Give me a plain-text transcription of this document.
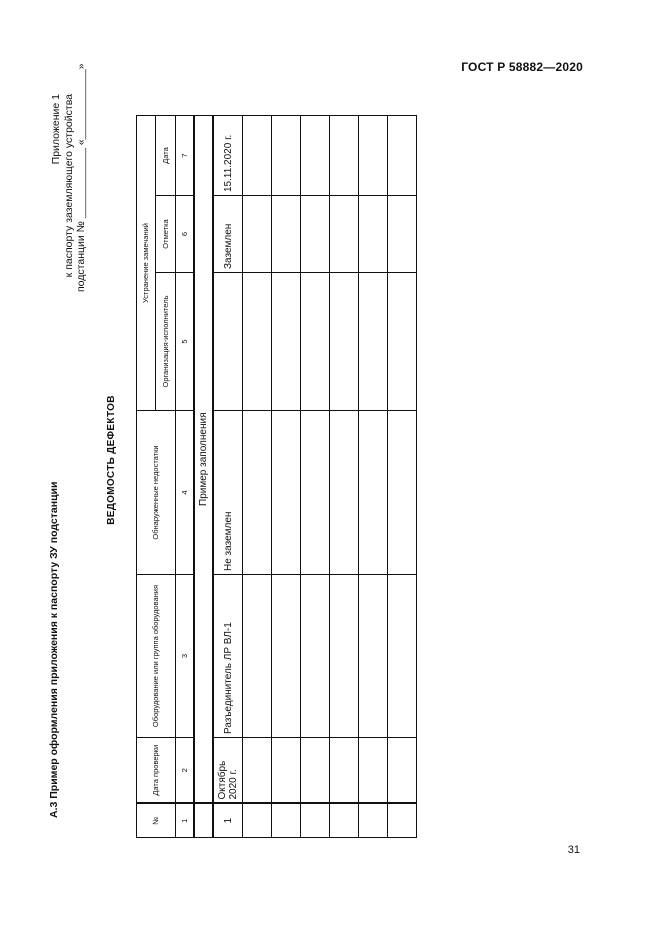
ГОСТ Р 58882—2020
А.3 Пример оформления приложения к паспорту ЗУ подстанции
Приложение 1 к паспорту заземляющего устройства подстанции № ____________ «____________»
ВЕДОМОСТЬ ДЕФЕКТОВ
№	Дата проверки	Оборудование или группа оборудования	Обнаруженные недостатки	Устранение замечаний		
				Организация-исполнитель	Отметка	Дата
1	2	3	4	5	6	7
	Пример заполнения					
1	Октябрь 2020 г.	Разъединитель ЛР ВЛ-1	Не заземлен		Заземлен	15.11.2020 г.

31
